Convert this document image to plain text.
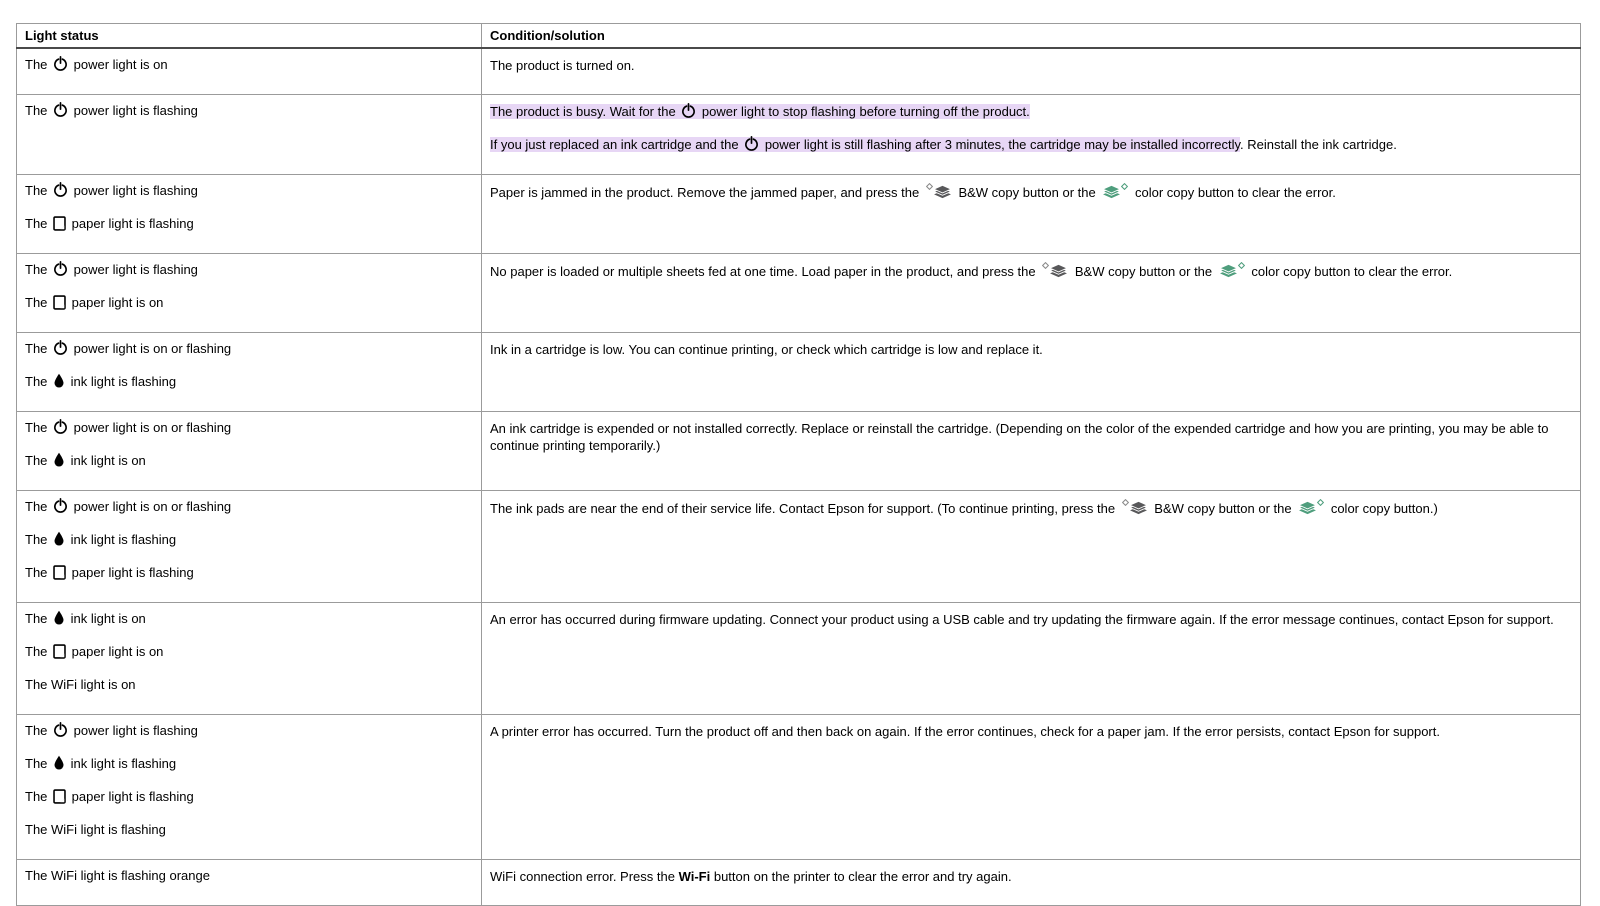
Light status	Condition/solution

The  power light is on	The product is turned on.

The  power light is flashing	The product is busy. Wait for the  power light to stop flashing before turning off the product.
If you just replaced an ink cartridge and the  power light is still flashing after 3 minutes, the cartridge may be installed incorrectly. Reinstall the ink cartridge.

The  power light is flashing
The  paper light is flashing	Paper is jammed in the product. Remove the jammed paper, and press the  B&W copy button or the  color copy button to clear the error.

The  power light is flashing
The  paper light is on	No paper is loaded or multiple sheets fed at one time. Load paper in the product, and press the  B&W copy button or the  color copy button to clear the error.

The  power light is on or flashing
The  ink light is flashing	Ink in a cartridge is low. You can continue printing, or check which cartridge is low and replace it.

The  power light is on or flashing
The  ink light is on	An ink cartridge is expended or not installed correctly. Replace or reinstall the cartridge. (Depending on the color of the expended cartridge and how you are printing, you may be able to continue printing temporarily.)

The  power light is on or flashing
The  ink light is flashing
The  paper light is flashing	The ink pads are near the end of their service life. Contact Epson for support. (To continue printing, press the  B&W copy button or the  color copy button.)

The  ink light is on
The  paper light is on
The WiFi light is on	An error has occurred during firmware updating. Connect your product using a USB cable and try updating the firmware again. If the error message continues, contact Epson for support.

The  power light is flashing
The  ink light is flashing
The  paper light is flashing
The WiFi light is flashing	A printer error has occurred. Turn the product off and then back on again. If the error continues, check for a paper jam. If the error persists, contact Epson for support.

The WiFi light is flashing orange	WiFi connection error. Press the Wi-Fi button on the printer to clear the error and try again.
